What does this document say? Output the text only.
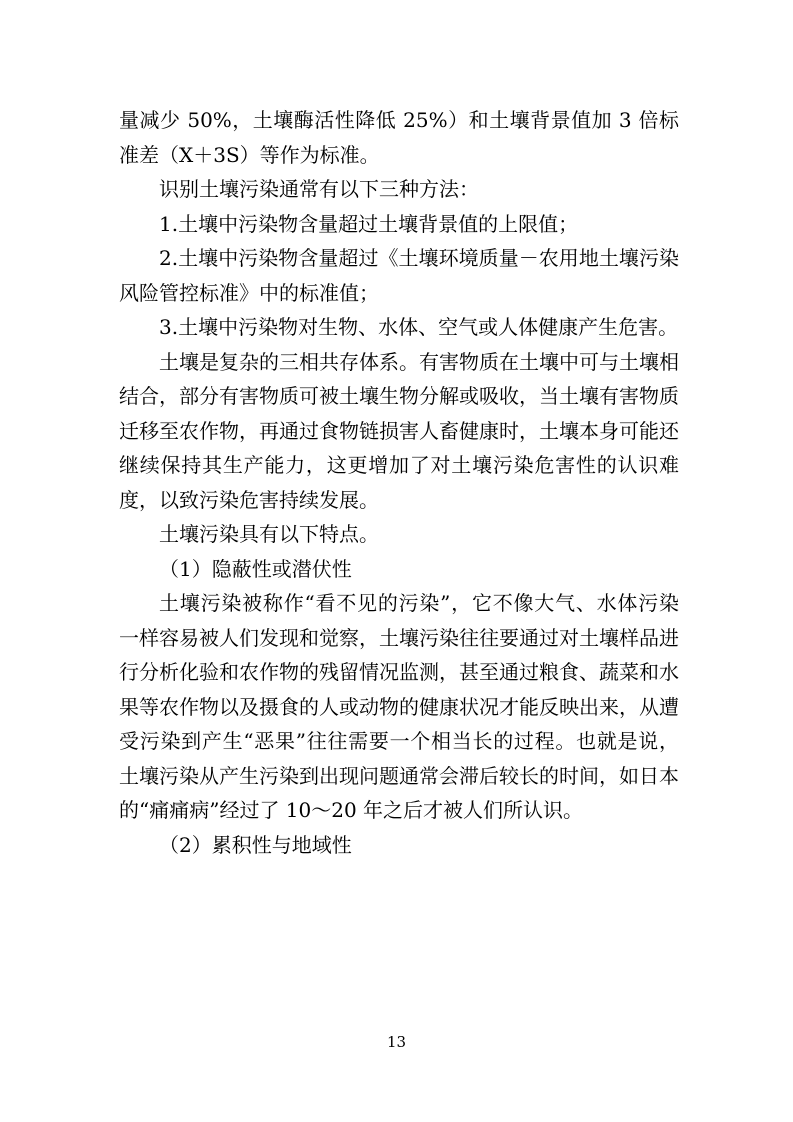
量减少 50%，土壤酶活性降低 25%）和土壤背景值加 3 倍标准差（X＋3S）等作为标准。

识别土壤污染通常有以下三种方法：

1.土壤中污染物含量超过土壤背景值的上限值；

2.土壤中污染物含量超过《土壤环境质量－农用地土壤污染风险管控标准》中的标准值；

3.土壤中污染物对生物、水体、空气或人体健康产生危害。

土壤是复杂的三相共存体系。有害物质在土壤中可与土壤相结合，部分有害物质可被土壤生物分解或吸收，当土壤有害物质迁移至农作物，再通过食物链损害人畜健康时，土壤本身可能还继续保持其生产能力，这更增加了对土壤污染危害性的认识难度，以致污染危害持续发展。

土壤污染具有以下特点。

（1）隐蔽性或潜伏性

土壤污染被称作“看不见的污染”，它不像大气、水体污染一样容易被人们发现和觉察，土壤污染往往要通过对土壤样品进行分析化验和农作物的残留情况监测，甚至通过粮食、蔬菜和水果等农作物以及摄食的人或动物的健康状况才能反映出来，从遭受污染到产生“恶果”往往需要一个相当长的过程。也就是说，土壤污染从产生污染到出现问题通常会滞后较长的时间，如日本的“痛痛病”经过了 10～20 年之后才被人们所认识。

（2）累积性与地域性

13
